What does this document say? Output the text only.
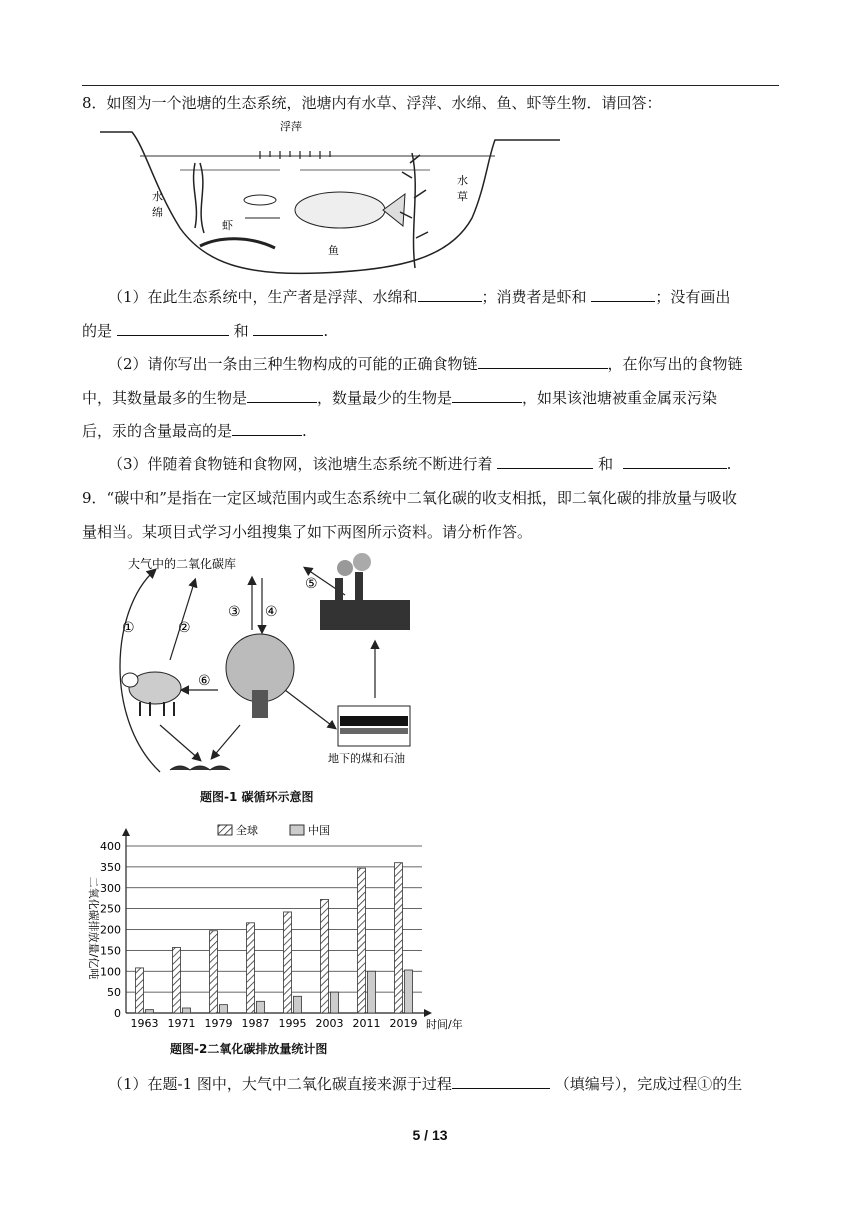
8．如图为一个池塘的生态系统，池塘内有水草、浮萍、水绵、鱼、虾等生物．请回答：
浮萍
水
绵
水
草
虾
鱼
（1）在此生态系统中，生产者是浮萍、水绵和	；消费者是虾和	；没有画出
的是	和	.
（2）请你写出一条由三种生物构成的可能的正确食物链	，在你写出的食物链
中，其数量最多的生物是	，数量最少的生物是	，如果该池塘被重金属汞污染
后，汞的含量最高的是	.
（3）伴随着食物链和食物网，该池塘生态系统不断进行着	和	.
9．“碳中和”是指在一定区域范围内或生态系统中二氧化碳的收支相抵，即二氧化碳的排放量与吸收
量相当。某项目式学习小组搜集了如下两图所示资料。请分析作答。
大气中的二氧化碳库
地下的煤和石油
①	②
③ ④
⑤
⑥
题图-1 碳循环示意图
0
50
100
150
200
250
300
350
400
1963 1971 1979 1987 1995 2003 2011 2019
全球	中国
二氧化碳排放量/亿吨
时间/年
题图-2二氧化碳排放量统计图
（1）在题-1 图中，大气中二氧化碳直接来源于过程	（填编号），完成过程①的生
5 / 13
